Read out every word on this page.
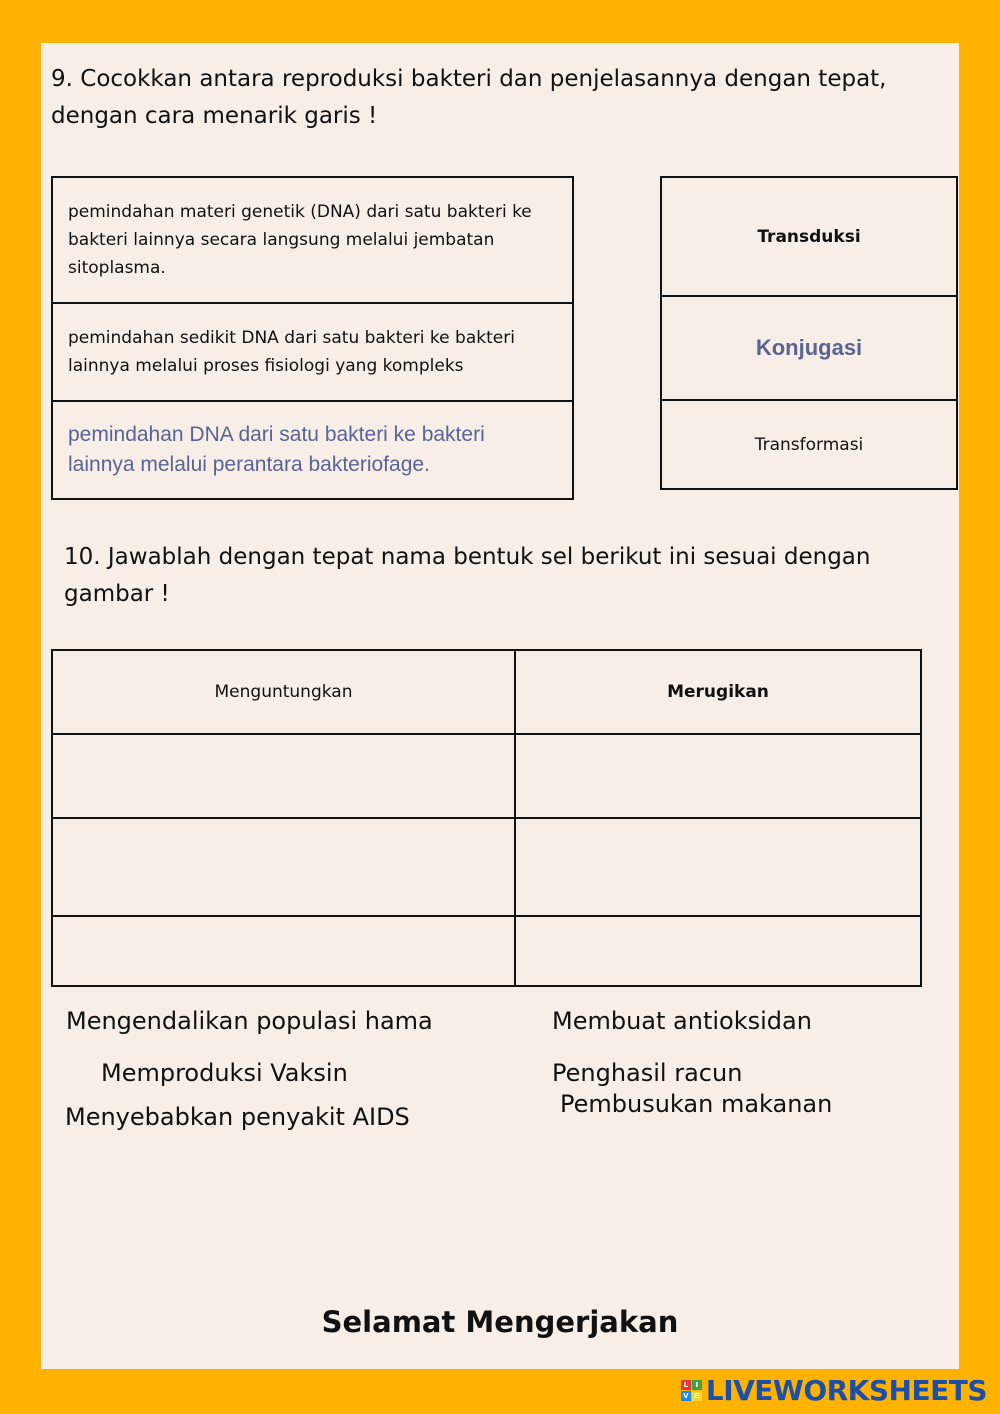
9. Cocokkan antara reproduksi bakteri dan penjelasannya dengan tepat, dengan cara menarik garis !
pemindahan materi genetik (DNA) dari satu bakteri ke bakteri lainnya secara langsung melalui jembatan sitoplasma.
pemindahan sedikit DNA dari satu bakteri ke bakteri lainnya melalui proses fisiologi yang kompleks
pemindahan DNA dari satu bakteri ke bakteri lainnya melalui perantara bakteriofage.
Transduksi
Konjugasi
Transformasi
10. Jawablah dengan tepat nama bentuk sel berikut ini sesuai dengan gambar !
Menguntungkan	Merugikan
Mengendalikan populasi hama
Memproduksi Vaksin
Menyebabkan penyakit AIDS
Membuat antioksidan
Penghasil racun
Pembusukan makanan
Selamat Mengerjakan
L	I
V E LIVEWORKSHEETS
